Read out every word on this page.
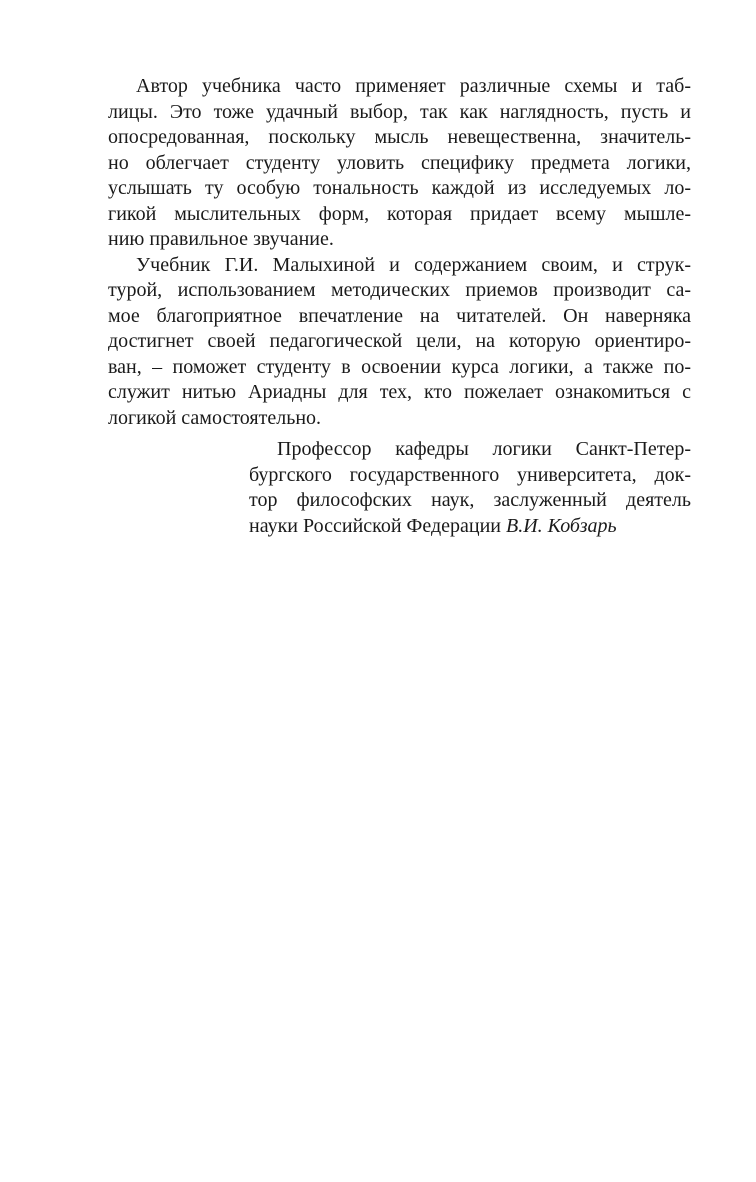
Автор учебника часто применяет различные схемы и таб-
лицы. Это тоже удачный выбор, так как наглядность, пусть и
опосредованная, поскольку мысль невещественна, значитель-
но облегчает студенту уловить специфику предмета логики,
услышать ту особую тональность каждой из исследуемых ло-
гикой мыслительных форм, которая придает всему мышле-
нию правильное звучание.
Учебник Г.И. Малыхиной и содержанием своим, и струк-
турой, использованием методических приемов производит са-
мое благоприятное впечатление на читателей. Он наверняка
достигнет своей педагогической цели, на которую ориентиро-
ван, – поможет студенту в освоении курса логики, а также по-
служит нитью Ариадны для тех, кто пожелает ознакомиться с
логикой самостоятельно.
Профессор кафедры логики Санкт-Петер-
бургского государственного университета, док-
тор философских наук, заслуженный деятель
науки Российской Федерации В.И. Кобзарь
